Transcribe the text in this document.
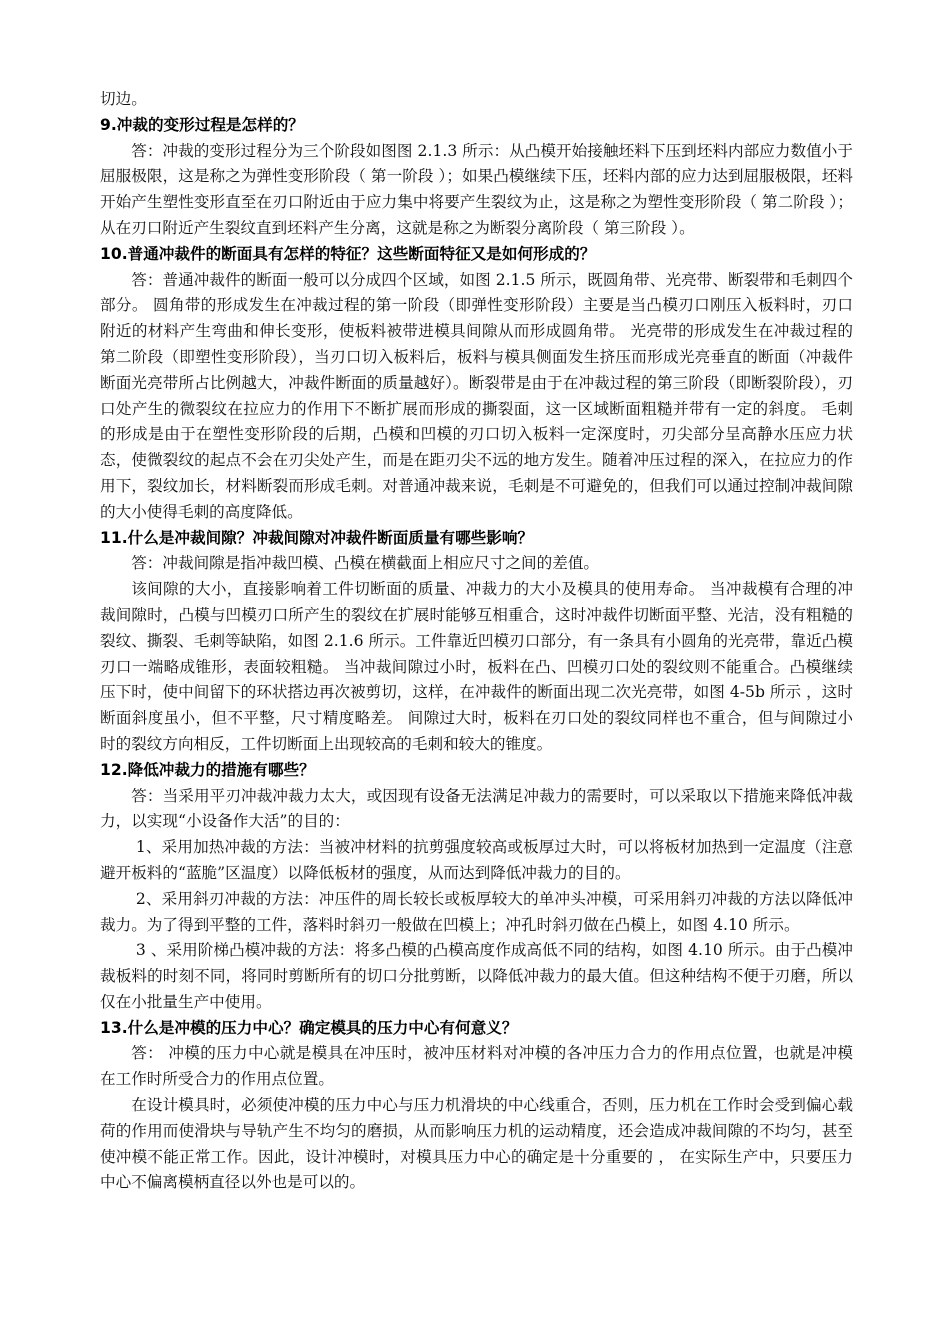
切边。

9.冲裁的变形过程是怎样的？

答：冲裁的变形过程分为三个阶段如图图 2.1.3 所示：从凸模开始接触坯料下压到坯料内部应力数值小于屈服极限，这是称之为弹性变形阶段（ 第一阶段 ）；如果凸模继续下压，坯料内部的应力达到屈服极限，坯料开始产生塑性变形直至在刃口附近由于应力集中将要产生裂纹为止，这是称之为塑性变形阶段（ 第二阶段 ）；从在刃口附近产生裂纹直到坯料产生分离，这就是称之为断裂分离阶段（ 第三阶段 ）。

10.普通冲裁件的断面具有怎样的特征？这些断面特征又是如何形成的？

答：普通冲裁件的断面一般可以分成四个区域，如图 2.1.5 所示，既圆角带、光亮带、断裂带和毛刺四个部分。 圆角带的形成发生在冲裁过程的第一阶段（即弹性变形阶段）主要是当凸模刃口刚压入板料时，刃口附近的材料产生弯曲和伸长变形，使板料被带进模具间隙从而形成圆角带。 光亮带的形成发生在冲裁过程的第二阶段（即塑性变形阶段），当刃口切入板料后，板料与模具侧面发生挤压而形成光亮垂直的断面（冲裁件断面光亮带所占比例越大，冲裁件断面的质量越好）。断裂带是由于在冲裁过程的第三阶段（即断裂阶段），刃口处产生的微裂纹在拉应力的作用下不断扩展而形成的撕裂面，这一区域断面粗糙并带有一定的斜度。 毛刺的形成是由于在塑性变形阶段的后期，凸模和凹模的刃口切入板料一定深度时，刃尖部分呈高静水压应力状态，使微裂纹的起点不会在刃尖处产生，而是在距刃尖不远的地方发生。随着冲压过程的深入，在拉应力的作用下，裂纹加长，材料断裂而形成毛刺。对普通冲裁来说，毛刺是不可避免的，但我们可以通过控制冲裁间隙的大小使得毛刺的高度降低。

11.什么是冲裁间隙？冲裁间隙对冲裁件断面质量有哪些影响？

答：冲裁间隙是指冲裁凹模、凸模在横截面上相应尺寸之间的差值。

该间隙的大小，直接影响着工件切断面的质量、冲裁力的大小及模具的使用寿命。 当冲裁模有合理的冲裁间隙时，凸模与凹模刃口所产生的裂纹在扩展时能够互相重合，这时冲裁件切断面平整、光洁，没有粗糙的裂纹、撕裂、毛刺等缺陷，如图 2.1.6 所示。工件靠近凹模刃口部分，有一条具有小圆角的光亮带，靠近凸模刃口一端略成锥形，表面较粗糙。 当冲裁间隙过小时，板料在凸、凹模刃口处的裂纹则不能重合。凸模继续压下时，使中间留下的环状搭边再次被剪切，这样，在冲裁件的断面出现二次光亮带，如图 4-5b 所示 ，这时断面斜度虽小，但不平整，尺寸精度略差。 间隙过大时，板料在刃口处的裂纹同样也不重合，但与间隙过小时的裂纹方向相反，工件切断面上出现较高的毛刺和较大的锥度。

12.降低冲裁力的措施有哪些？

答：当采用平刃冲裁冲裁力太大，或因现有设备无法满足冲裁力的需要时，可以采取以下措施来降低冲裁力，以实现“小设备作大活”的目的：

1、采用加热冲裁的方法：当被冲材料的抗剪强度较高或板厚过大时，可以将板材加热到一定温度（注意避开板料的“蓝脆”区温度）以降低板材的强度，从而达到降低冲裁力的目的。

2、采用斜刃冲裁的方法：冲压件的周长较长或板厚较大的单冲头冲模，可采用斜刃冲裁的方法以降低冲裁力。为了得到平整的工件，落料时斜刃一般做在凹模上；冲孔时斜刃做在凸模上，如图 4.10 所示。

3 、采用阶梯凸模冲裁的方法：将多凸模的凸模高度作成高低不同的结构，如图 4.10 所示。由于凸模冲裁板料的时刻不同，将同时剪断所有的切口分批剪断，以降低冲裁力的最大值。但这种结构不便于刃磨，所以仅在小批量生产中使用。

13.什么是冲模的压力中心？确定模具的压力中心有何意义？

答： 冲模的压力中心就是模具在冲压时，被冲压材料对冲模的各冲压力合力的作用点位置，也就是冲模在工作时所受合力的作用点位置。

在设计模具时，必须使冲模的压力中心与压力机滑块的中心线重合，否则，压力机在工作时会受到偏心载荷的作用而使滑块与导轨产生不均匀的磨损，从而影响压力机的运动精度，还会造成冲裁间隙的不均匀，甚至使冲模不能正常工作。因此，设计冲模时，对模具压力中心的确定是十分重要的 ， 在实际生产中，只要压力中心不偏离模柄直径以外也是可以的。
